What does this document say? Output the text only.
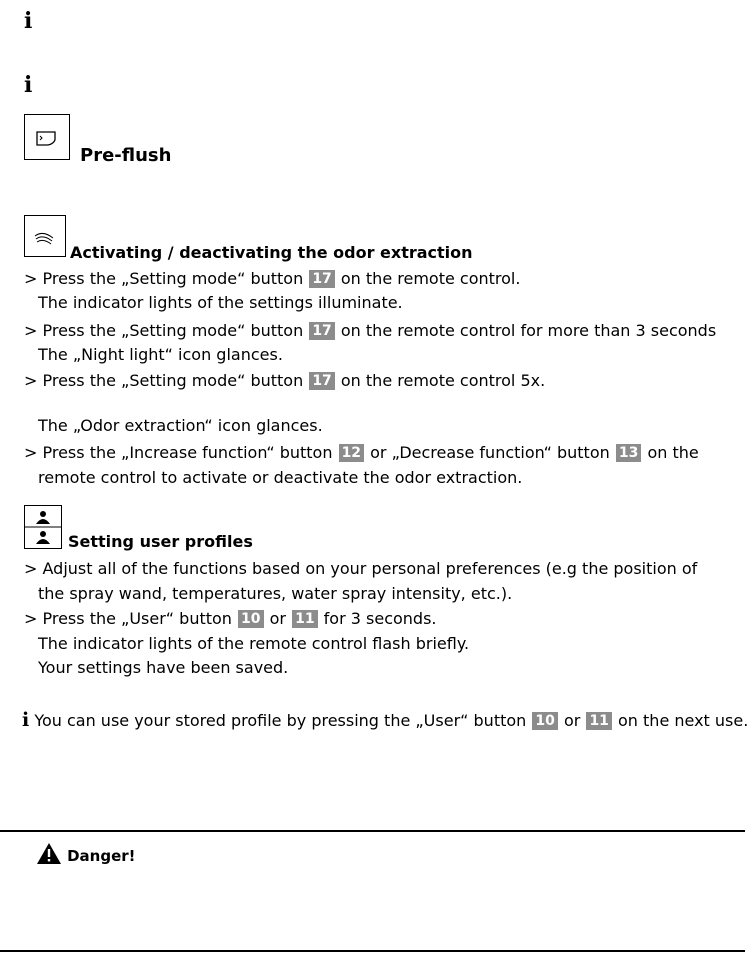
i
i
Pre-flush
Activating / deactivating the odor extraction
> Press the „Setting mode“ button 17 on the remote control.
The indicator lights of the settings illuminate.
> Press the „Setting mode“ button 17 on the remote control for more than 3 seconds
The „Night light“ icon glances.
> Press the „Setting mode“ button 17 on the remote control 5x.
The „Odor extraction“ icon glances.
> Press the „Increase function“ button 12 or „Decrease function“ button 13 on the
remote control to activate or deactivate the odor extraction.
Setting user profiles
> Adjust all of the functions based on your personal preferences (e.g the position of
the spray wand, temperatures, water spray intensity, etc.).
> Press the „User“ button 10 or 11 for 3 seconds.
The indicator lights of the remote control flash briefly.
Your settings have been saved.
i You can use your stored profile by pressing the „User“ button 10 or 11 on the next use.
Danger!
